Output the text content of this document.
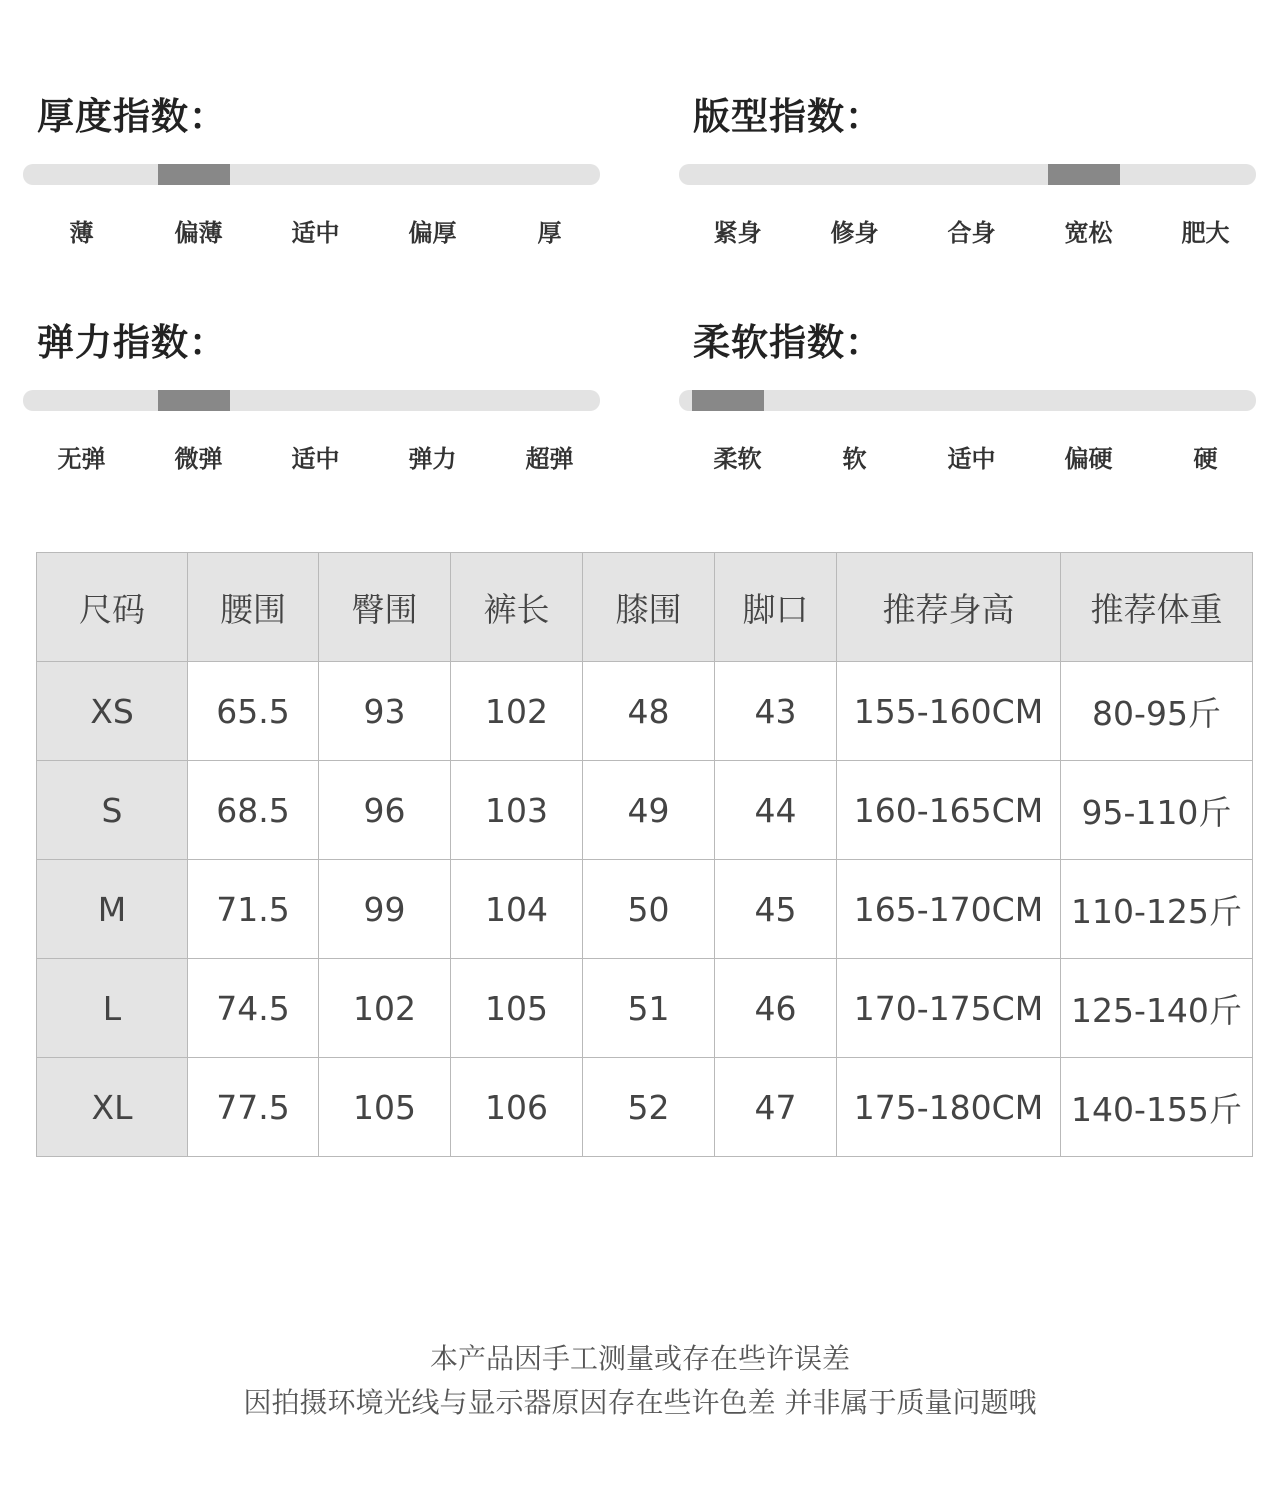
厚度指数：
薄	偏薄	适中	偏厚	厚
版型指数：
紧身	修身	合身	宽松	肥大
弹力指数：
无弹	微弹	适中	弹力	超弹
柔软指数：
柔软	软	适中	偏硬	硬
尺码	腰围	臀围	裤长	膝围	脚口	推荐身高	推荐体重
XS	65.5	93	102	48	43	155-160CM	80-95斤
S	68.5	96	103	49	44	160-165CM	95-110斤
M	71.5	99	104	50	45	165-170CM	110-125斤
L	74.5	102	105	51	46	170-175CM	125-140斤
XL	77.5	105	106	52	47	175-180CM	140-155斤
本产品因手工测量或存在些许误差
因拍摄环境光线与显示器原因存在些许色差 并非属于质量问题哦
